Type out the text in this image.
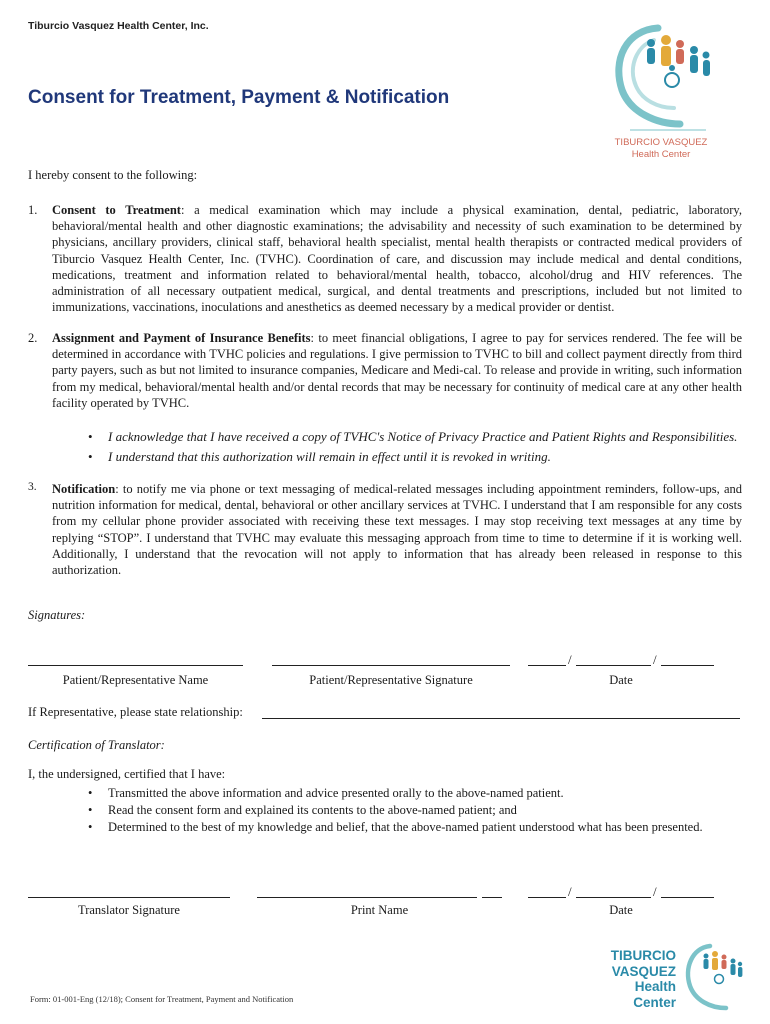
Tiburcio Vasquez Health Center, Inc.
Consent for Treatment, Payment & Notification
TIBURCIO VASQUEZ
Health Center
I hereby consent to the following:
1. Consent to Treatment: a medical examination which may include a physical examination, dental, pediatric, laboratory, behavioral/mental health and other diagnostic examinations; the advisability and necessity of such examination to be determined by physicians, ancillary providers, clinical staff, behavioral health specialist, mental health therapists or contracted medical providers of Tiburcio Vasquez Health Center, Inc. (TVHC). Coordination of care, and discussion may include medical and dental conditions, medications, treatment and information related to behavioral/mental health, tobacco, alcohol/drug and HIV references. The administration of all necessary outpatient medical, surgical, and dental treatments and prescriptions, included but not limited to immunizations, vaccinations, inoculations and anesthetics as deemed necessary by a medical provider or dentist.
2. Assignment and Payment of Insurance Benefits: to meet financial obligations, I agree to pay for services rendered. The fee will be determined in accordance with TVHC policies and regulations. I give permission to TVHC to bill and collect payment directly from third party payers, such as but not limited to insurance companies, Medicare and Medi-cal. To release and provide in writing, such information from my medical, behavioral/mental health and/or dental records that may be necessary for continuity of medical care at any other health facility operated by TVHC.
•	I acknowledge that I have received a copy of TVHC's Notice of Privacy Practice and Patient Rights and Responsibilities.
•	I understand that this authorization will remain in effect until it is revoked in writing.
3. Notification: to notify me via phone or text messaging of medical-related messages including appointment reminders, follow-ups, and nutrition information for medical, dental, behavioral or other ancillary services at TVHC. I understand that I am responsible for any costs from my cellular phone provider associated with receiving these text messages. I may stop receiving text messages at any time by replying “STOP”. I understand that TVHC may evaluate this messaging approach from time to time to determine if it is working well. Additionally, I understand that the revocation will not apply to information that has already been released in response to this authorization.
Signatures:
/	/
Patient/Representative Name	Patient/Representative Signature	Date
If Representative, please state relationship:
Certification of Translator:
I, the undersigned, certified that I have:
•	Transmitted the above information and advice presented orally to the above-named patient.
•	Read the consent form and explained its contents to the above-named patient; and
•	Determined to the best of my knowledge and belief, that the above-named patient understood what has been presented.
/	/
Translator Signature	Print Name	Date
Form: 01-001-Eng (12/18); Consent for Treatment, Payment and Notification
TIBURCIO
VASQUEZ
Health
Center
